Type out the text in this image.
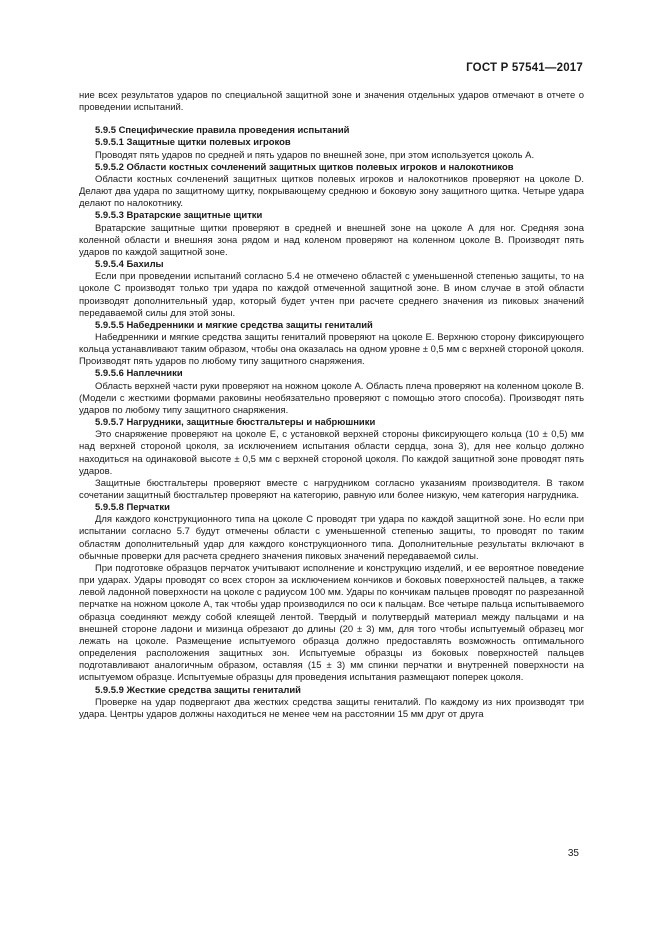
ГОСТ Р 57541—2017

ние всех результатов ударов по специальной защитной зоне и значения отдельных ударов отмечают в отчете о проведении испытаний.

5.9.5 Специфические правила проведения испытаний

5.9.5.1 Защитные щитки полевых игроков

Проводят пять ударов по средней и пять ударов по внешней зоне, при этом используется цоколь А.

5.9.5.2 Области костных сочленений защитных щитков полевых игроков и налокотников

Области костных сочленений защитных щитков полевых игроков и налокотников проверяют на цоколе D. Делают два удара по защитному щитку, покрывающему среднюю и боковую зону защитного щитка. Четыре удара делают по налокотнику.

5.9.5.3 Вратарские защитные щитки

Вратарские защитные щитки проверяют в средней и внешней зоне на цоколе А для ног. Средняя зона коленной области и внешняя зона рядом и над коленом проверяют на коленном цоколе В. Производят пять ударов по каждой защитной зоне.

5.9.5.4 Бахилы

Если при проведении испытаний согласно 5.4 не отмечено областей с уменьшенной степенью защиты, то на цоколе С производят только три удара по каждой отмеченной защитной зоне. В ином случае в этой области производят дополнительный удар, который будет учтен при расчете среднего значения из пиковых значений передаваемой силы для этой зоны.

5.9.5.5 Набедренники и мягкие средства защиты гениталий

Набедренники и мягкие средства защиты гениталий проверяют на цоколе Е. Верхнюю сторону фиксирующего кольца устанавливают таким образом, чтобы она оказалась на одном уровне ± 0,5 мм с верхней стороной цоколя. Производят пять ударов по любому типу защитного снаряжения.

5.9.5.6 Наплечники

Область верхней части руки проверяют на ножном цоколе А. Область плеча проверяют на коленном цоколе В. (Модели с жесткими формами раковины необязательно проверяют с помощью этого способа). Производят пять ударов по любому типу защитного снаряжения.

5.9.5.7 Нагрудники, защитные бюстгальтеры и набрюшники

Это снаряжение проверяют на цоколе Е, с установкой верхней стороны фиксирующего кольца (10 ± 0,5) мм над верхней стороной цоколя, за исключением испытания области сердца, зона 3), для нее кольцо должно находиться на одинаковой высоте ± 0,5 мм с верхней стороной цоколя. По каждой защитной зоне проводят пять ударов.

Защитные бюстгальтеры проверяют вместе с нагрудником согласно указаниям производителя. В таком сочетании защитный бюстгальтер проверяют на категорию, равную или более низкую, чем категория нагрудника.

5.9.5.8 Перчатки

Для каждого конструкционного типа на цоколе С проводят три удара по каждой защитной зоне. Но если при испытании согласно 5.7 будут отмечены области с уменьшенной степенью защиты, то проводят по таким областям дополнительный удар для каждого конструкционного типа. Дополнительные результаты включают в обычные проверки для расчета среднего значения пиковых значений передаваемой силы.

При подготовке образцов перчаток учитывают исполнение и конструкцию изделий, и ее вероятное поведение при ударах. Удары проводят со всех сторон за исключением кончиков и боковых поверхностей пальцев, а также левой ладонной поверхности на цоколе с радиусом 100 мм. Удары по кончикам пальцев проводят по разрезанной перчатке на ножном цоколе А, так чтобы удар производился по оси к пальцам. Все четыре пальца испытываемого образца соединяют между собой клеящей лентой. Твердый и полутвердый материал между пальцами и на внешней стороне ладони и мизинца обрезают до длины (20 ± 3) мм, для того чтобы испытуемый образец мог лежать на цоколе. Размещение испытуемого образца должно предоставлять возможность оптимального определения расположения защитных зон. Испытуемые образцы из боковых поверхностей пальцев подготавливают аналогичным образом, оставляя (15 ± 3) мм спинки перчатки и внутренней поверхности на испытуемом образце. Испытуемые образцы для проведения испытания размещают поперек цоколя.

5.9.5.9 Жесткие средства защиты гениталий

Проверке на удар подвергают два жестких средства защиты гениталий. По каждому из них производят три удара. Центры ударов должны находиться не менее чем на расстоянии 15 мм друг от друга

35
